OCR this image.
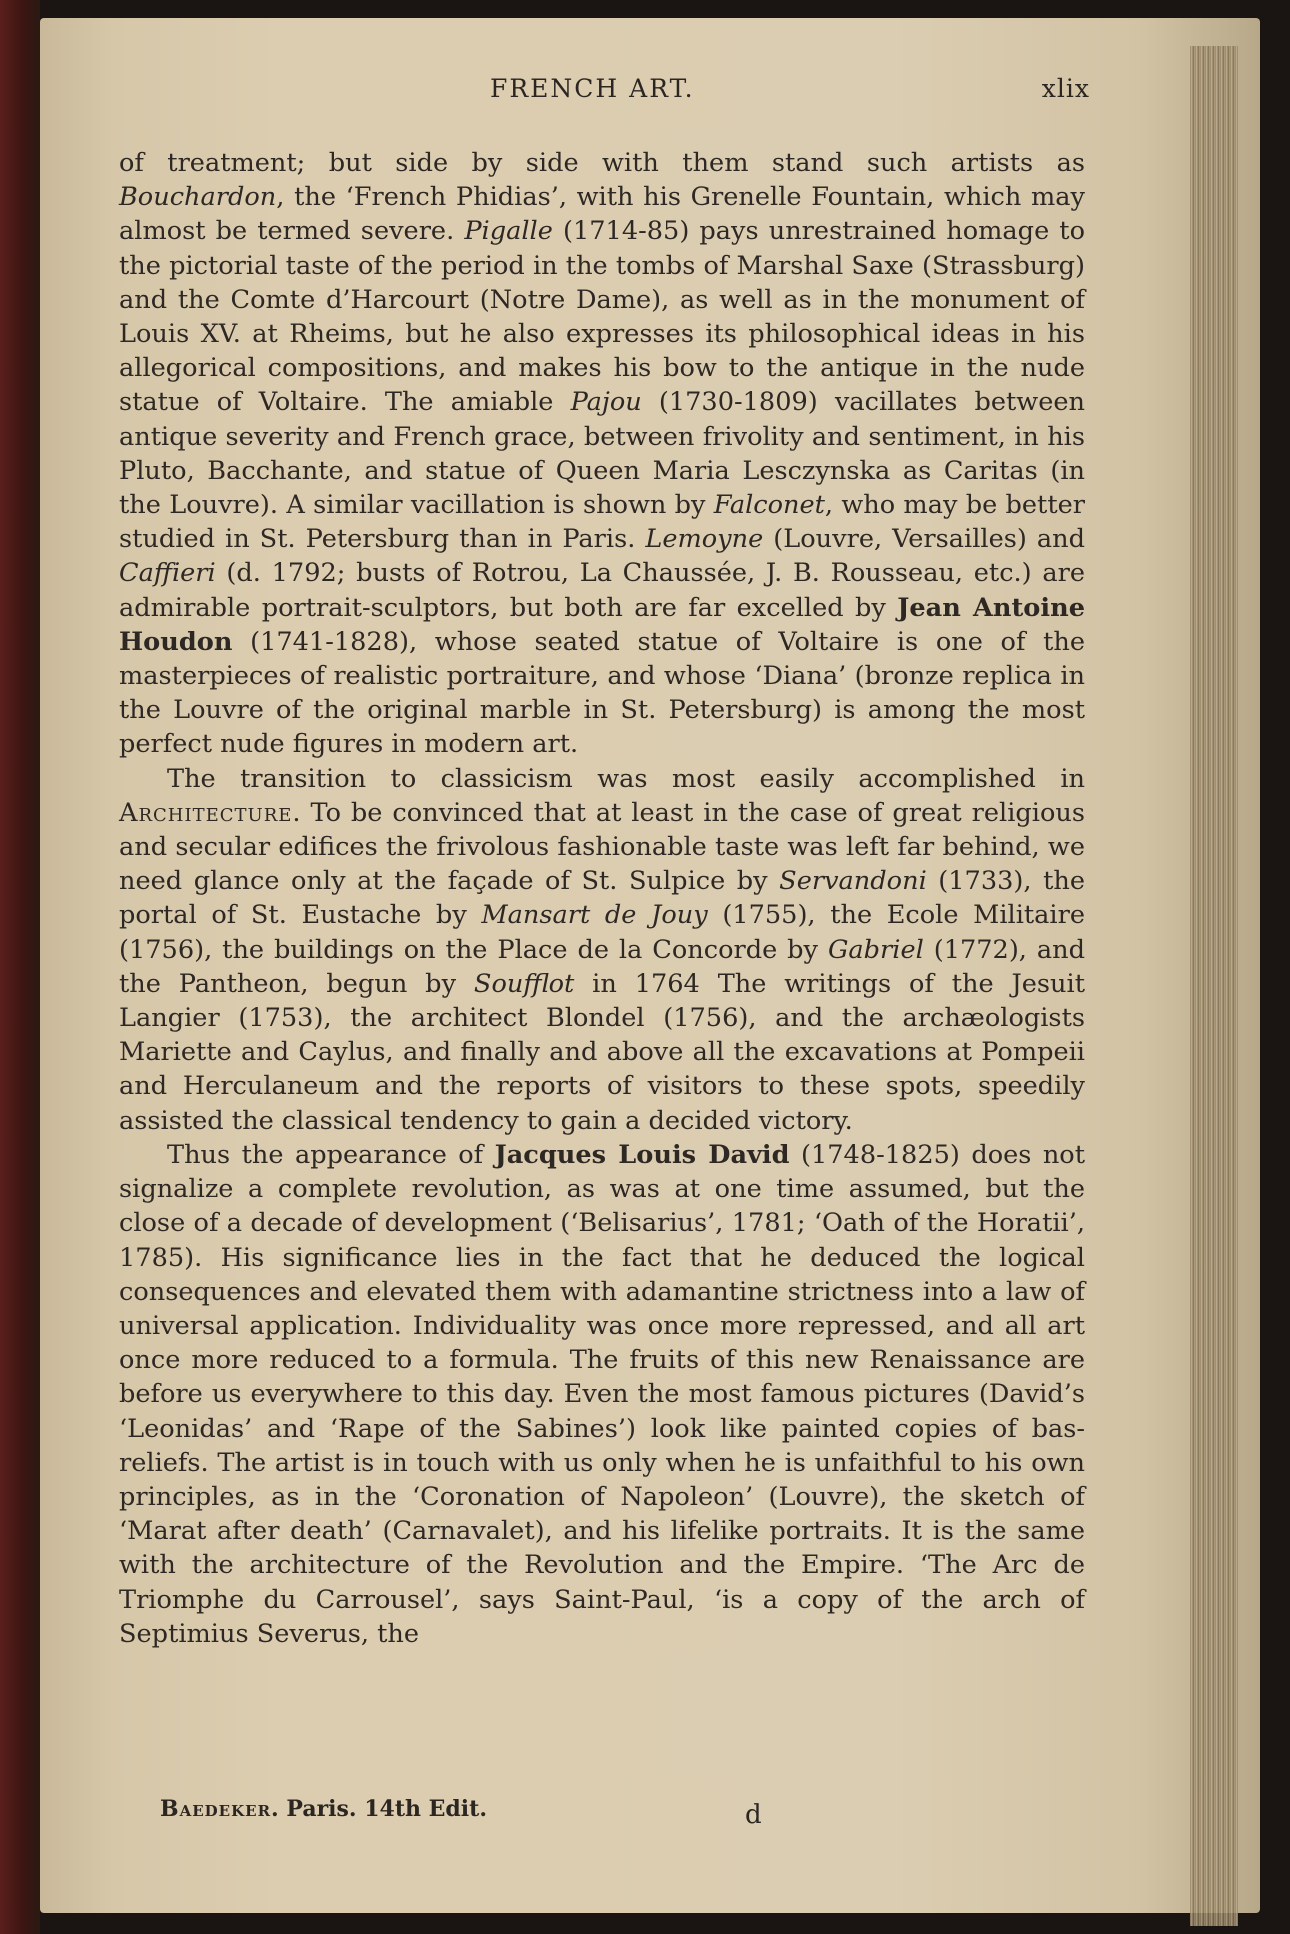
FRENCH ART.	xlix

of treatment; but side by side with them stand such artists as Bouchardon, the ‘French Phidias’, with his Grenelle Fountain, which may almost be termed severe. Pigalle (1714-85) pays unrestrained homage to the pictorial taste of the period in the tombs of Marshal Saxe (Strassburg) and the Comte d’Harcourt (Notre Dame), as well as in the monument of Louis XV. at Rheims, but he also expresses its philosophical ideas in his allegorical compositions, and makes his bow to the antique in the nude statue of Voltaire. The amiable Pajou (1730-1809) vacillates between antique severity and French grace, between frivolity and sentiment, in his Pluto, Bacchante, and statue of Queen Maria Lesczynska as Caritas (in the Louvre). A similar vacillation is shown by Falconet, who may be better studied in St. Petersburg than in Paris. Lemoyne (Louvre, Versailles) and Caffieri (d. 1792; busts of Rotrou, La Chaussée, J. B. Rousseau, etc.) are admirable portrait-sculptors, but both are far excelled by Jean Antoine Houdon (1741-1828), whose seated statue of Voltaire is one of the masterpieces of realistic portraiture, and whose ‘Diana’ (bronze replica in the Louvre of the original marble in St. Petersburg) is among the most perfect nude figures in modern art.

The transition to classicism was most easily accomplished in Architecture. To be convinced that at least in the case of great religious and secular edifices the frivolous fashionable taste was left far behind, we need glance only at the façade of St. Sulpice by Servandoni (1733), the portal of St. Eustache by Mansart de Jouy (1755), the Ecole Militaire (1756), the buildings on the Place de la Concorde by Gabriel (1772), and the Pantheon, begun by Soufflot in 1764 The writings of the Jesuit Langier (1753), the architect Blondel (1756), and the archæologists Mariette and Caylus, and finally and above all the excavations at Pompeii and Herculaneum and the reports of visitors to these spots, speedily assisted the classical tendency to gain a decided victory.

Thus the appearance of Jacques Louis David (1748-1825) does not signalize a complete revolution, as was at one time assumed, but the close of a decade of development (‘Belisarius’, 1781; ‘Oath of the Horatii’, 1785). His significance lies in the fact that he deduced the logical consequences and elevated them with adamantine strictness into a law of universal application. Individuality was once more repressed, and all art once more reduced to a formula. The fruits of this new Renaissance are before us everywhere to this day. Even the most famous pictures (David’s ‘Leonidas’ and ‘Rape of the Sabines’) look like painted copies of bas-reliefs. The artist is in touch with us only when he is unfaithful to his own principles, as in the ‘Coronation of Napoleon’ (Louvre), the sketch of ‘Marat after death’ (Carnavalet), and his lifelike portraits. It is the same with the architecture of the Revolution and the Empire. ‘The Arc de Triomphe du Carrousel’, says Saint-Paul, ‘is a copy of the arch of Septimius Severus, the

Baedeker. Paris. 14th Edit.	d
